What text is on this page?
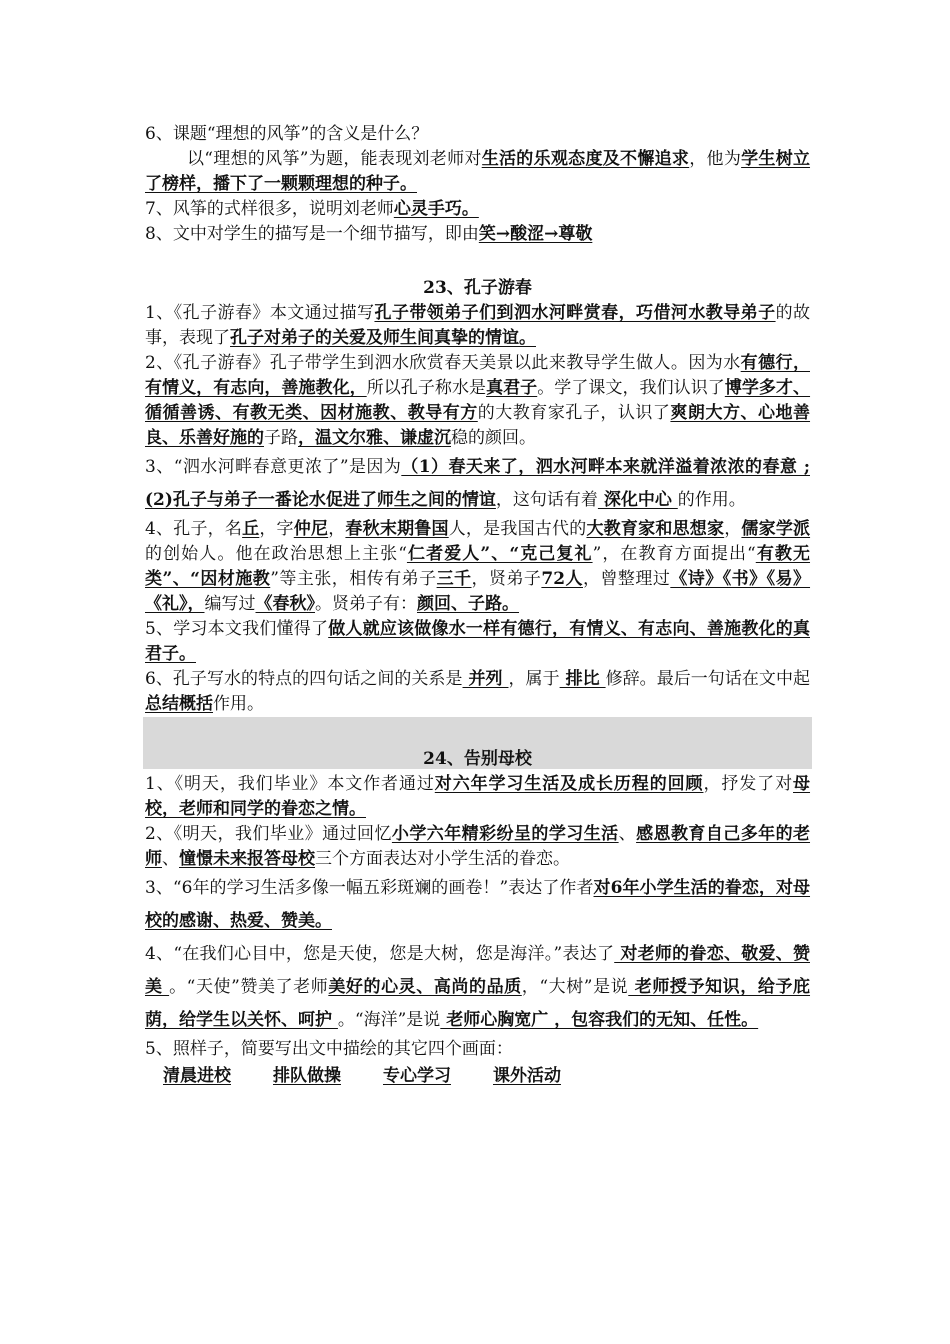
6、课题“理想的风筝”的含义是什么？

以“理想的风筝”为题，能表现刘老师对生活的乐观态度及不懈追求，他为学生树立了榜样，播下了一颗颗理想的种子。

7、风筝的式样很多，说明刘老师心灵手巧。

8、文中对学生的描写是一个细节描写，即由笑→酸涩→尊敬

23、孔子游春

1、《孔子游春》本文通过描写孔子带领弟子们到泗水河畔赏春，巧借河水教导弟子的故事，表现了孔子对弟子的关爱及师生间真挚的情谊。

2、《孔子游春》孔子带学生到泗水欣赏春天美景以此来教导学生做人。因为水有德行，有情义，有志向，善施教化，所以孔子称水是真君子。学了课文，我们认识了博学多才、循循善诱、有教无类、因材施教、教导有方的大教育家孔子，认识了爽朗大方、心地善良、乐善好施的子路，温文尔雅、谦虚沉稳的颜回。

3、“泗水河畔春意更浓了”是因为（1）春天来了，泗水河畔本来就洋溢着浓浓的春意 ;(2)孔子与弟子一番论水促进了师生之间的情谊，这句话有着 深化中心 的作用。

4、孔子，名丘，字仲尼，春秋末期鲁国人，是我国古代的大教育家和思想家，儒家学派的创始人。他在政治思想上主张“仁者爱人”、“克己复礼”，在教育方面提出“有教无类”、“因材施教”等主张，相传有弟子三千，贤弟子72人，曾整理过《诗》《书》《易》《礼》，编写过《春秋》。贤弟子有：颜回、子路。

5、学习本文我们懂得了做人就应该做像水一样有德行，有情义、有志向、善施教化的真君子。

6、孔子写水的特点的四句话之间的关系是 并列 ，属于 排比 修辞。最后一句话在文中起总结概括作用。

24、告别母校

1、《明天，我们毕业》本文作者通过对六年学习生活及成长历程的回顾，抒发了对母校，老师和同学的眷恋之情。

2、《明天，我们毕业》通过回忆小学六年精彩纷呈的学习生活、感恩教育自己多年的老师、憧憬未来报答母校三个方面表达对小学生活的眷恋。

3、“6年的学习生活多像一幅五彩斑斓的画卷！”表达了作者对6年小学生活的眷恋，对母校的感谢、热爱、赞美。

4、“在我们心目中，您是天使，您是大树，您是海洋。”表达了 对老师的眷恋、敬爱、赞美 。“天使”赞美了老师美好的心灵、高尚的品质，“大树”是说 老师授予知识，给予庇荫，给学生以关怀、呵护 。“海洋”是说 老师心胸宽广 ，包容我们的无知、任性。

5、照样子，简要写出文中描绘的其它四个画面：

清晨进校	排队做操	专心学习	课外活动
